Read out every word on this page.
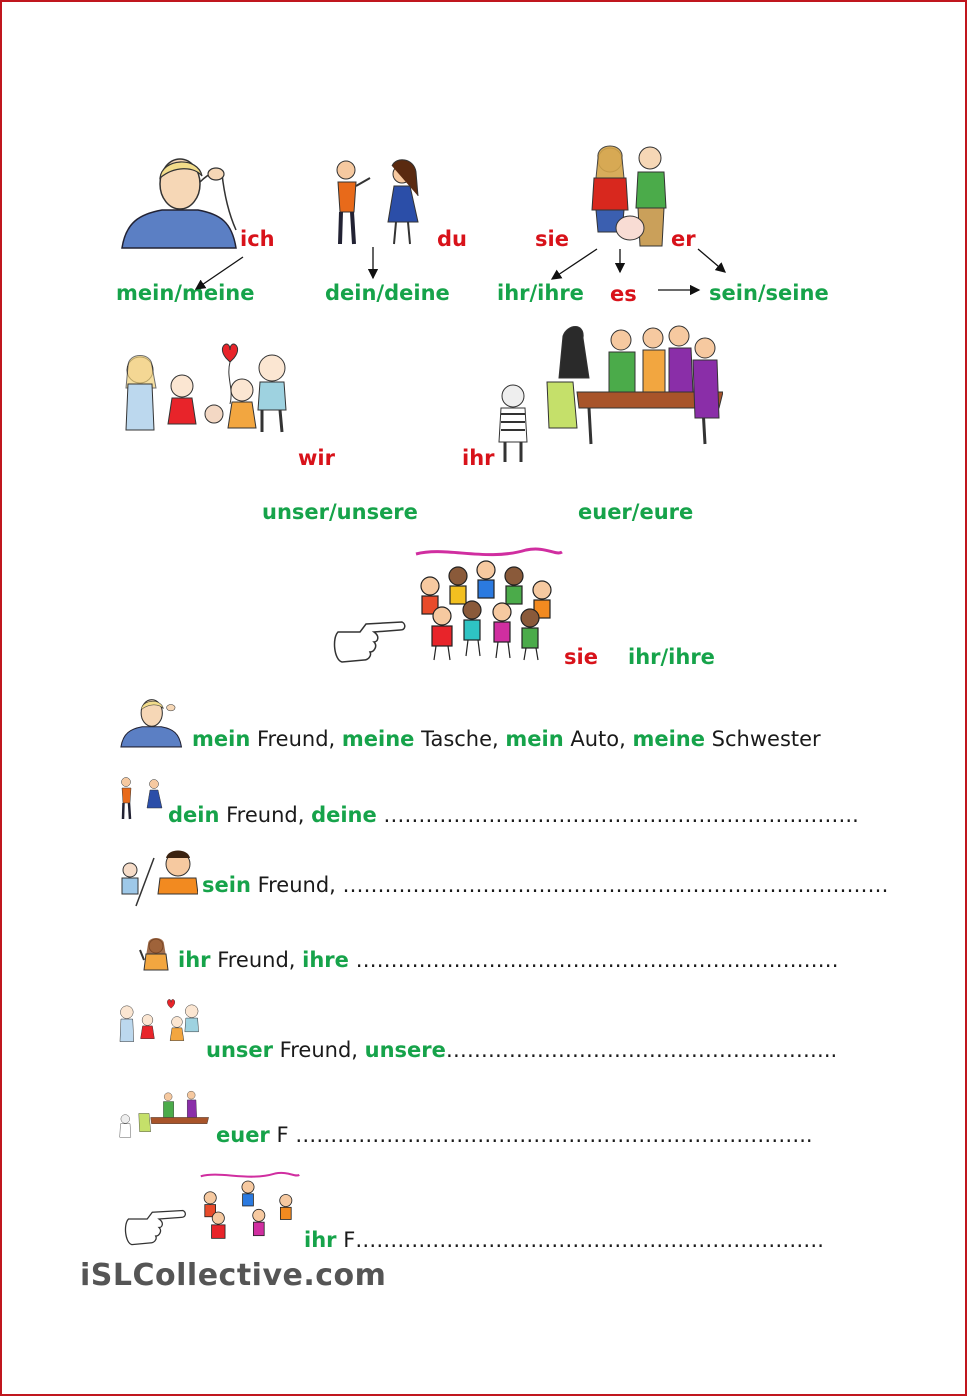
ich	du	sie	er
mein/meine	dein/deine ihr/ihre es	sein/seine
wir	ihr
unser/unsere	euer/eure
sie ihr/ihre
mein Freund, meine Tasche, mein Auto, meine Schwester
dein Freund, deine …………………………………………………………..
sein Freund, ……………………………………………………………………
ihr Freund, ihre ……………………………………………………………
unser Freund, unsere………………………………………………..
euer F ………………………………………………………………..
ihr F………………………………………………………….
iSLCollective.com
